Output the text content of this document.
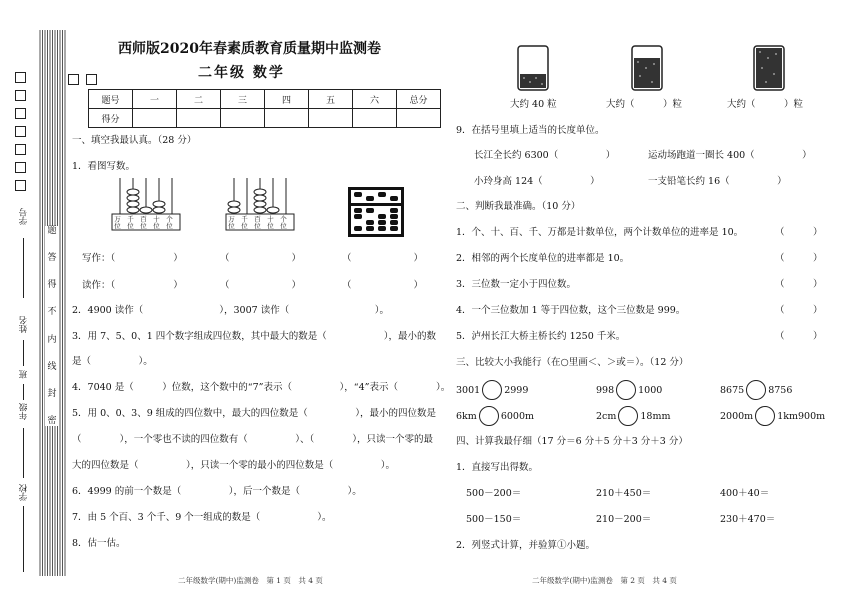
题
答
得
不
内
线
封
密
学号
姓名
班
年级
学校
西师版2020年春素质教育质量期中监测卷
二年级 数学
题号	一	二	三	四	五	六	总分
得分							
一、填空我最认真。（28 分）
1．看图写数。
万
位
千
位
百
位
十
位
个
位
万
位
千
位
百
位
十
位
个
位
写作：（	）	（	）	（	）
读作：（	）	（	）	（	）
2．4900 读作（　　　　　　　　），3007 读作（　　　　　　　　　）。
3．用 7、5、0、1 四个数字组成四位数，其中最大的数是（　　　　　　），最小的数
是（　　　　　）。
4．7040 是（　　　）位数，这个数中的“7”表示（　　　　　），“4”表示（　　　　）。
5．用 0、0、3、9 组成的四位数中，最大的四位数是（　　　　　），最小的四位数是
（　　　　），一个零也不读的四位数有（　　　　　）、（　　　　），只读一个零的最
大的四位数是（　　　　　），只读一个零的最小的四位数是（　　　　　）。
6．4999 的前一个数是（　　　　　），后一个数是（　　　　　）。
7．由 5 个百、3 个千、9 个一组成的数是（　　　　　　）。
8．估一估。
二年级数学(期中)监测卷　第 1 页　共 4 页
大约 40 粒	大约（　　　）粒	大约（　　　）粒
9．在括号里填上适当的长度单位。
长江全长约 6300（　　　　　）	运动场跑道一圈长 400（　　　　　）
小玲身高 124（　　　　　）	一支铅笔长约 16（　　　　　）
二、判断我最准确。（10 分）
1．个、十、百、千、万都是计数单位，两个计数单位的进率是 10。	（　　　）
2．相邻的两个长度单位的进率都是 10。	（　　　）
3．三位数一定小于四位数。	（　　　）
4．一个三位数加 1 等于四位数，这个三位数是 999。	（　　　）
5．泸州长江大桥主桥长约 1250 千米。	（　　　）
三、比较大小我能行（在○里画＜、＞或＝）。（12 分）
3001	2999	998	1000	8675	8756
6km	6000m	2cm	18mm	2000m	1km900m
四、计算我最仔细（17 分＝6 分＋5 分＋3 分＋3 分）
1．直接写出得数。
500－200＝	210＋450＝	400＋40＝
500－150＝	210－200＝	230＋470＝
2．列竖式计算，并验算①小题。
二年级数学(期中)监测卷　第 2 页　共 4 页
